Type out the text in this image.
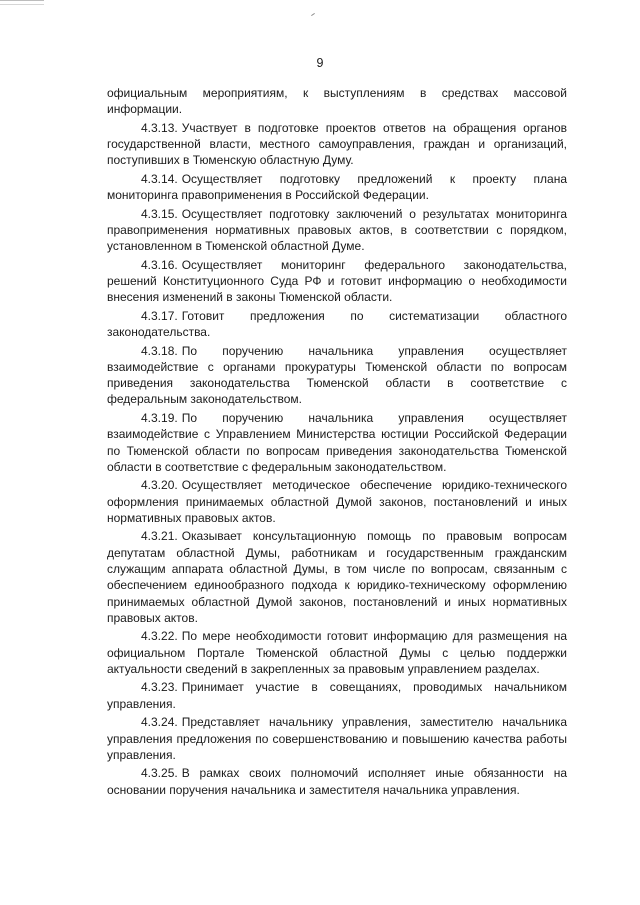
9

официальным мероприятиям, к выступлениям в средствах массовой информации.

4.3.13. Участвует в подготовке проектов ответов на обращения органов государственной власти, местного самоуправления, граждан и организаций, поступивших в Тюменскую областную Думу.

4.3.14. Осуществляет подготовку предложений к проекту плана мониторинга правоприменения в Российской Федерации.

4.3.15. Осуществляет подготовку заключений о результатах мониторинга правоприменения нормативных правовых актов, в соответствии с порядком, установленном в Тюменской областной Думе.

4.3.16. Осуществляет мониторинг федерального законодательства, решений Конституционного Суда РФ и готовит информацию о необходимости внесения изменений в законы Тюменской области.

4.3.17. Готовит предложения по систематизации областного законодательства.

4.3.18. По поручению начальника управления осуществляет взаимодействие с органами прокуратуры Тюменской области по вопросам приведения законодательства Тюменской области в соответствие с федеральным законодательством.

4.3.19. По поручению начальника управления осуществляет взаимодействие с Управлением Министерства юстиции Российской Федерации по Тюменской области по вопросам приведения законодательства Тюменской области в соответствие с федеральным законодательством.

4.3.20. Осуществляет методическое обеспечение юридико-технического оформления принимаемых областной Думой законов, постановлений и иных нормативных правовых актов.

4.3.21. Оказывает консультационную помощь по правовым вопросам депутатам областной Думы, работникам и государственным гражданским служащим аппарата областной Думы, в том числе по вопросам, связанным с обеспечением единообразного подхода к юридико-техническому оформлению принимаемых областной Думой законов, постановлений и иных нормативных правовых актов.

4.3.22. По мере необходимости готовит информацию для размещения на официальном Портале Тюменской областной Думы с целью поддержки актуальности сведений в закрепленных за правовым управлением разделах.

4.3.23. Принимает участие в совещаниях, проводимых начальником управления.

4.3.24. Представляет начальнику управления, заместителю начальника управления предложения по совершенствованию и повышению качества работы управления.

4.3.25. В рамках своих полномочий исполняет иные обязанности на основании поручения начальника и заместителя начальника управления.
